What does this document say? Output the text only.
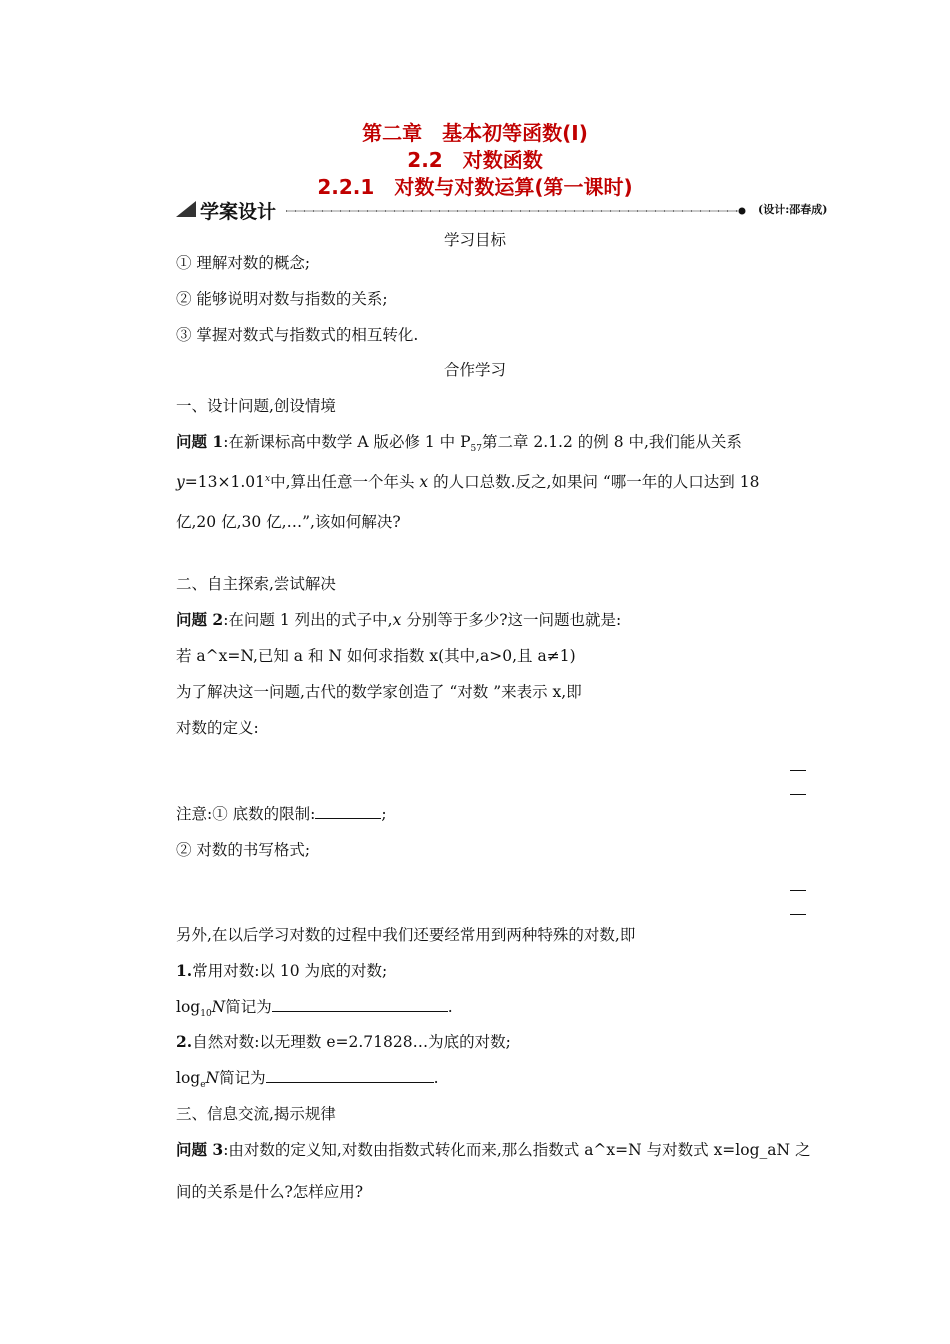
第二章　基本初等函数(Ⅰ)
2.2　对数函数
2.2.1　对数与对数运算(第一课时)
学案设计	(设计:邵春成)
学习目标
① 理解对数的概念;
② 能够说明对数与指数的关系;
③ 掌握对数式与指数式的相互转化.
合作学习
一、设计问题,创设情境
问题 1:在新课标高中数学 A 版必修 1 中 $P_{57}$第二章 2.1.2 的例 8 中,我们能从关系
$y=13\times 1.01^x$中,算出任意一个年头 x 的人口总数.反之,如果问 “哪一年的人口达到 18
亿,20 亿,30 亿,…”,该如何解决?
二、自主探索,尝试解决
问题 2:在问题 1 列出的式子中,x 分别等于多少?这一问题也就是:
若 a^x=N,已知 a 和 N 如何求指数 x(其中,a>0,且 a≠1)
为了解决这一问题,古代的数学家创造了 “对数 ”来表示 x,即
对数的定义:
注意:① 底数的限制:	;
② 对数的书写格式;
另外,在以后学习对数的过程中我们还要经常用到两种特殊的对数,即
1.常用对数:以 10 为底的对数;
$\log_{10}N$简记为	.
2.自然对数:以无理数 e=2.71828…为底的对数;
$\log_eN$简记为	.
三、信息交流,揭示规律
问题 3:由对数的定义知,对数由指数式转化而来,那么指数式 a^x=N 与对数式 x=log_aN 之
间的关系是什么?怎样应用?
